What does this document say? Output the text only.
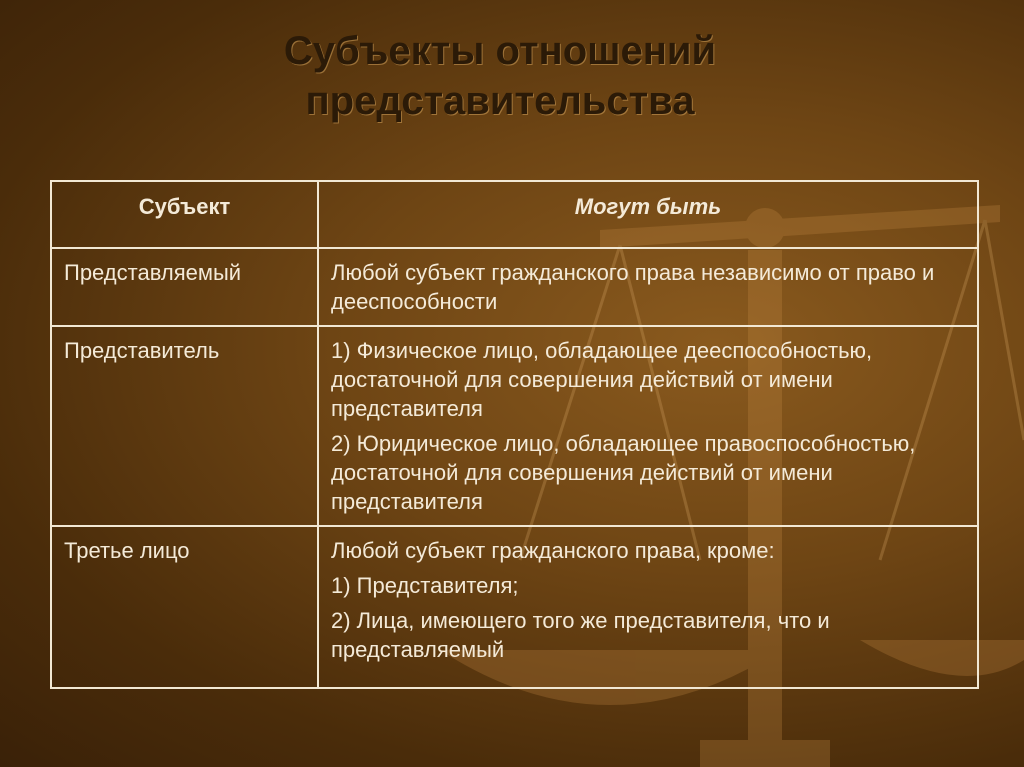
Субъекты отношений
представительства
Субъект	Могут быть
Представляемый	Любой субъект гражданского права независимо от право и дееспособности

Представитель	1) Физическое лицо, обладающее дееспособностью, достаточной для совершения действий от имени представителя

2) Юридическое лицо, обладающее правоспособностью, достаточной для совершения действий от имени представителя

Третье лицо	Любой субъект гражданского права, кроме:

1) Представителя;

2) Лица, имеющего того же представителя, что и представляемый
